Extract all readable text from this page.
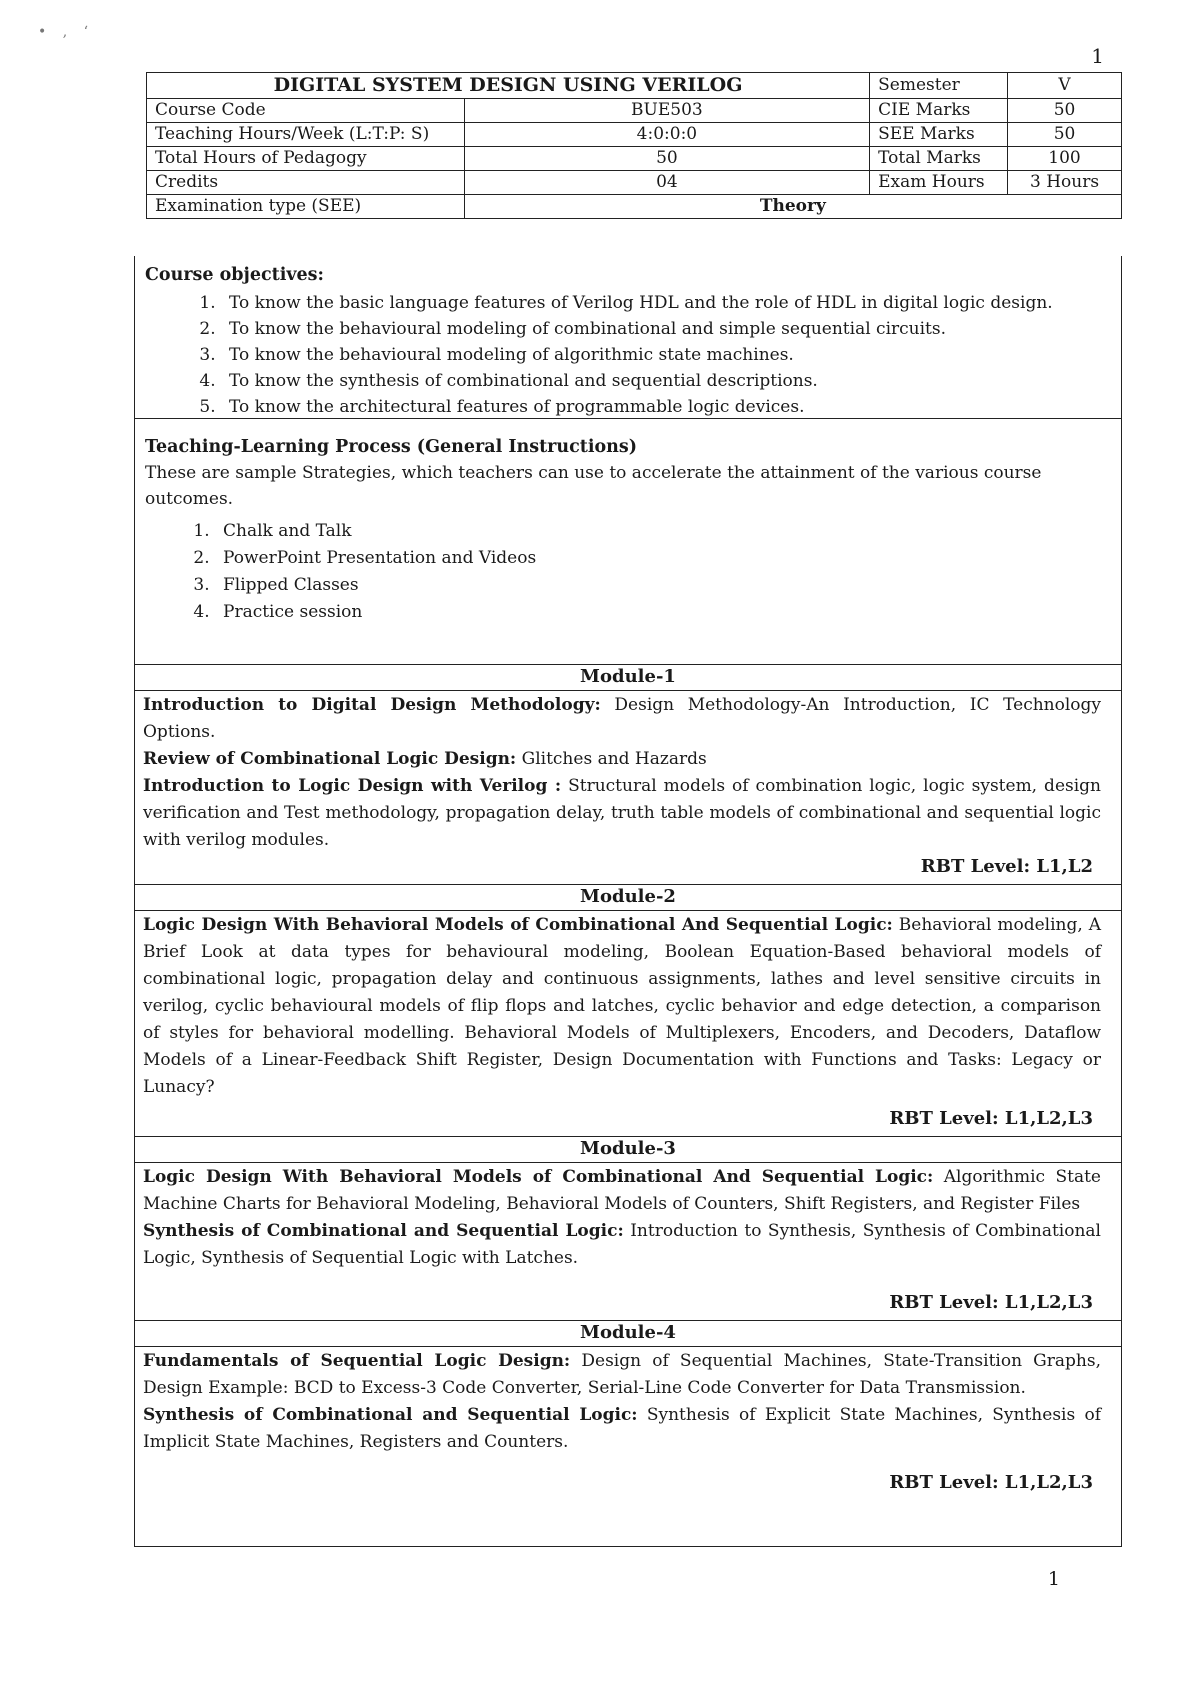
• , ‘
1
DIGITAL SYSTEM DESIGN USING VERILOG		Semester	V
Course Code	BUE503	CIE Marks	50
Teaching Hours/Week (L:T:P: S)	4:0:0:0	SEE Marks	50
Total Hours of Pedagogy	50	Total Marks	100
Credits	04	Exam Hours	3 Hours
Examination type (SEE)	Theory		
Course objectives:
1. To know the basic language features of Verilog HDL and the role of HDL in digital logic design.
2. To know the behavioural modeling of combinational and simple sequential circuits.
3. To know the behavioural modeling of algorithmic state machines.
4. To know the synthesis of combinational and sequential descriptions.
5. To know the architectural features of programmable logic devices.
Teaching-Learning Process (General Instructions)
These are sample Strategies, which teachers can use to accelerate the attainment of the various course outcomes.
1. Chalk and Talk
2. PowerPoint Presentation and Videos
3. Flipped Classes
4. Practice session
Module-1
Introduction to Digital Design Methodology: Design Methodology-An Introduction, IC Technology Options.
Review of Combinational Logic Design: Glitches and Hazards
Introduction to Logic Design with Verilog : Structural models of combination logic, logic system, design verification and Test methodology, propagation delay, truth table models of combinational and sequential logic with verilog modules.
RBT Level: L1,L2
Module-2
Logic Design With Behavioral Models of Combinational And Sequential Logic: Behavioral modeling, A Brief Look at data types for behavioural modeling, Boolean Equation-Based behavioral models of combinational logic, propagation delay and continuous assignments, lathes and level sensitive circuits in verilog, cyclic behavioural models of flip flops and latches, cyclic behavior and edge detection, a comparison of styles for behavioral modelling. Behavioral Models of Multiplexers, Encoders, and Decoders, Dataflow Models of a Linear-Feedback Shift Register, Design Documentation with Functions and Tasks: Legacy or Lunacy?
RBT Level: L1,L2,L3
Module-3
Logic Design With Behavioral Models of Combinational And Sequential Logic: Algorithmic State Machine Charts for Behavioral Modeling, Behavioral Models of Counters, Shift Registers, and Register Files
Synthesis of Combinational and Sequential Logic: Introduction to Synthesis, Synthesis of Combinational Logic, Synthesis of Sequential Logic with Latches.
RBT Level: L1,L2,L3
Module-4
Fundamentals of Sequential Logic Design: Design of Sequential Machines, State-Transition Graphs, Design Example: BCD to Excess-3 Code Converter, Serial-Line Code Converter for Data Transmission.
Synthesis of Combinational and Sequential Logic: Synthesis of Explicit State Machines, Synthesis of Implicit State Machines, Registers and Counters.
RBT Level: L1,L2,L3
1
